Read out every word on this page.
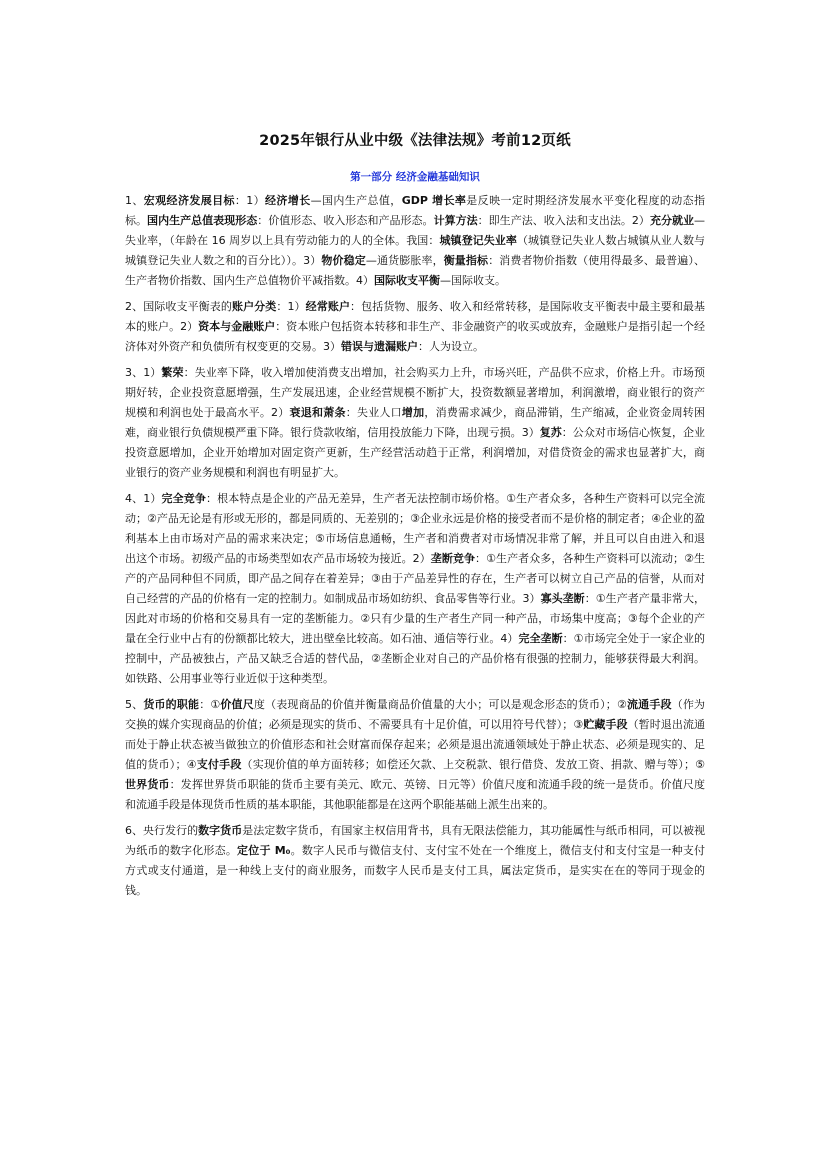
2025年银行从业中级《法律法规》考前12页纸
第一部分 经济金融基础知识

1、宏观经济发展目标：1）经济增长—国内生产总值，GDP 增长率是反映一定时期经济发展水平变化程度的动态指标。国内生产总值表现形态：价值形态、收入形态和产品形态。计算方法：即生产法、收入法和支出法。2）充分就业—失业率，（年龄在 16 周岁以上具有劳动能力的人的全体。我国：城镇登记失业率（城镇登记失业人数占城镇从业人数与城镇登记失业人数之和的百分比））。3）物价稳定—通货膨胀率，衡量指标：消费者物价指数（使用得最多、最普遍）、生产者物价指数、国内生产总值物价平减指数。4）国际收支平衡—国际收支。

2、国际收支平衡表的账户分类：1）经常账户：包括货物、服务、收入和经常转移，是国际收支平衡表中最主要和最基本的账户。2）资本与金融账户：资本账户包括资本转移和非生产、非金融资产的收买或放弃，金融账户是指引起一个经济体对外资产和负债所有权变更的交易。3）错误与遗漏账户：人为设立。

3、1）繁荣：失业率下降，收入增加使消费支出增加，社会购买力上升，市场兴旺，产品供不应求，价格上升。市场预期好转，企业投资意愿增强，生产发展迅速，企业经营规模不断扩大，投资数额显著增加，利润激增，商业银行的资产规模和利润也处于最高水平。2）衰退和萧条：失业人口增加，消费需求减少，商品滞销，生产缩减，企业资金周转困难，商业银行负债规模严重下降。银行贷款收缩，信用投放能力下降，出现亏损。3）复苏：公众对市场信心恢复，企业投资意愿增加，企业开始增加对固定资产更新，生产经营活动趋于正常，利润增加，对借贷资金的需求也显著扩大，商业银行的资产业务规模和利润也有明显扩大。

4、1）完全竞争：根本特点是企业的产品无差异，生产者无法控制市场价格。①生产者众多，各种生产资料可以完全流动；②产品无论是有形或无形的，都是同质的、无差别的；③企业永远是价格的接受者而不是价格的制定者；④企业的盈利基本上由市场对产品的需求来决定；⑤市场信息通畅，生产者和消费者对市场情况非常了解，并且可以自由进入和退出这个市场。初级产品的市场类型如农产品市场较为接近。2）垄断竞争：①生产者众多，各种生产资料可以流动；②生产的产品同种但不同质，即产品之间存在着差异；③由于产品差异性的存在，生产者可以树立自己产品的信誉，从而对自己经营的产品的价格有一定的控制力。如制成品市场如纺织、食品零售等行业。3）寡头垄断：①生产者产量非常大，因此对市场的价格和交易具有一定的垄断能力。②只有少量的生产者生产同一种产品，市场集中度高；③每个企业的产量在全行业中占有的份额都比较大，进出壁垒比较高。如石油、通信等行业。4）完全垄断：①市场完全处于一家企业的控制中，产品被独占，产品又缺乏合适的替代品，②垄断企业对自己的产品价格有很强的控制力，能够获得最大利润。如铁路、公用事业等行业近似于这种类型。

5、货币的职能：①价值尺度（表现商品的价值并衡量商品价值量的大小；可以是观念形态的货币）；②流通手段（作为交换的媒介实现商品的价值；必须是现实的货币、不需要具有十足价值，可以用符号代替）；③贮藏手段（暂时退出流通而处于静止状态被当做独立的价值形态和社会财富而保存起来；必须是退出流通领域处于静止状态、必须是现实的、足值的货币）；④支付手段（实现价值的单方面转移；如偿还欠款、上交税款、银行借贷、发放工资、捐款、赠与等）；⑤世界货币：发挥世界货币职能的货币主要有美元、欧元、英镑、日元等）价值尺度和流通手段的统一是货币。价值尺度和流通手段是体现货币性质的基本职能，其他职能都是在这两个职能基础上派生出来的。

6、央行发行的数字货币是法定数字货币，有国家主权信用背书，具有无限法偿能力，其功能属性与纸币相同，可以被视为纸币的数字化形态。定位于 M₀。数字人民币与微信支付、支付宝不处在一个维度上，微信支付和支付宝是一种支付方式或支付通道，是一种线上支付的商业服务，而数字人民币是支付工具，属法定货币，是实实在在的等同于现金的钱。
